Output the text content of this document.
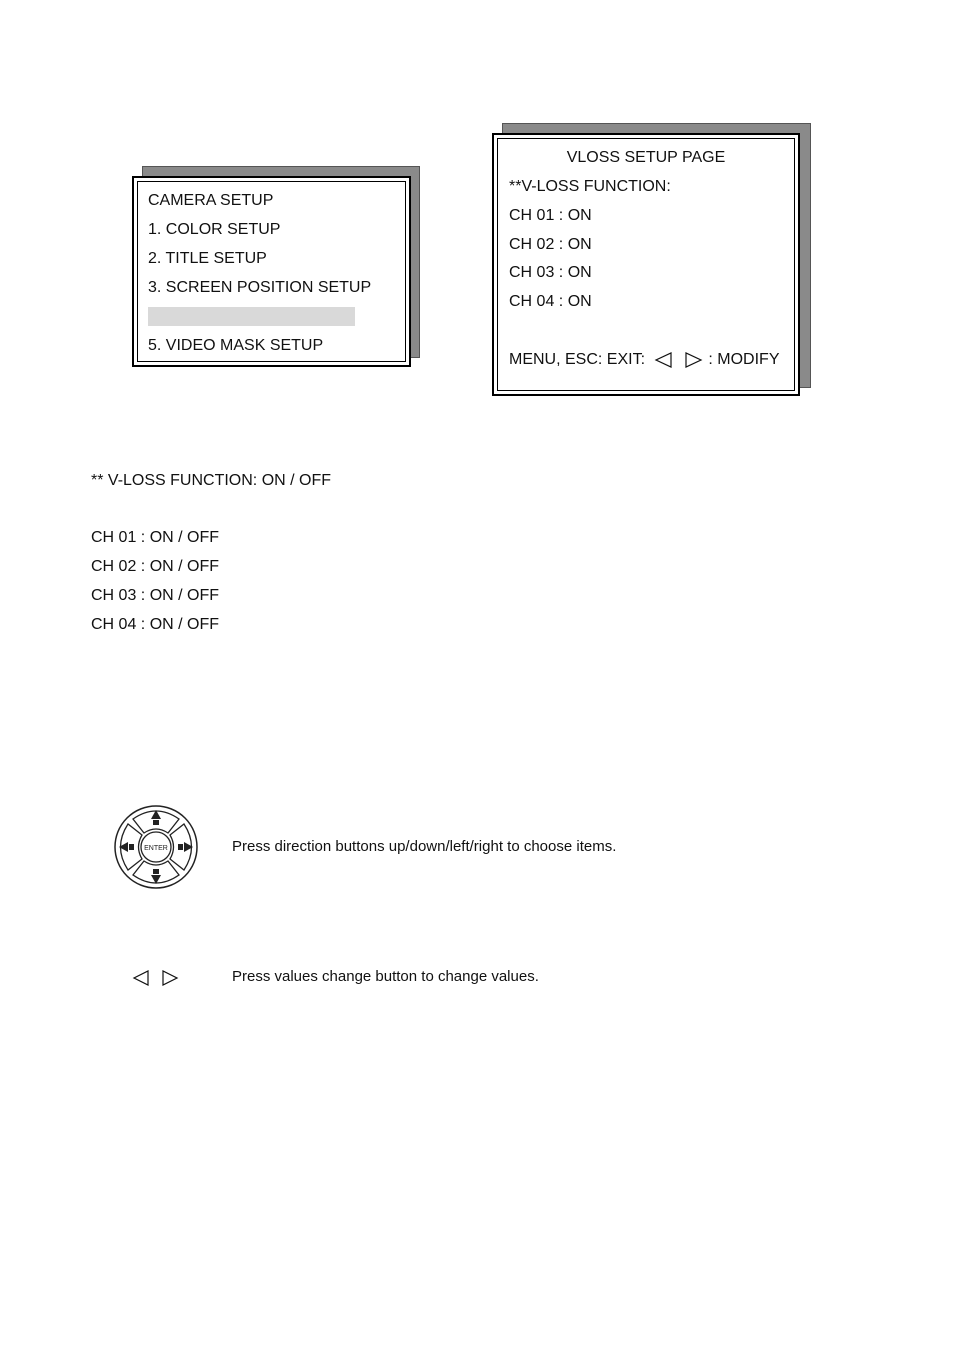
CAMERA SETUP
1. COLOR SETUP
2. TITLE SETUP
3. SCREEN POSITION SETUP
5. VIDEO MASK SETUP
VLOSS SETUP PAGE
**V-LOSS FUNCTION:
CH 01 : ON
CH 02 : ON
CH 03 : ON
CH 04 : ON
MENU, ESC: EXIT:	: MODIFY
** V-LOSS FUNCTION: ON / OFF
CH 01 : ON / OFF
CH 02 : ON / OFF
CH 03 : ON / OFF
CH 04 : ON / OFF
ENTER	Press direction buttons up/down/left/right to choose items.
Press values change button to change values.
